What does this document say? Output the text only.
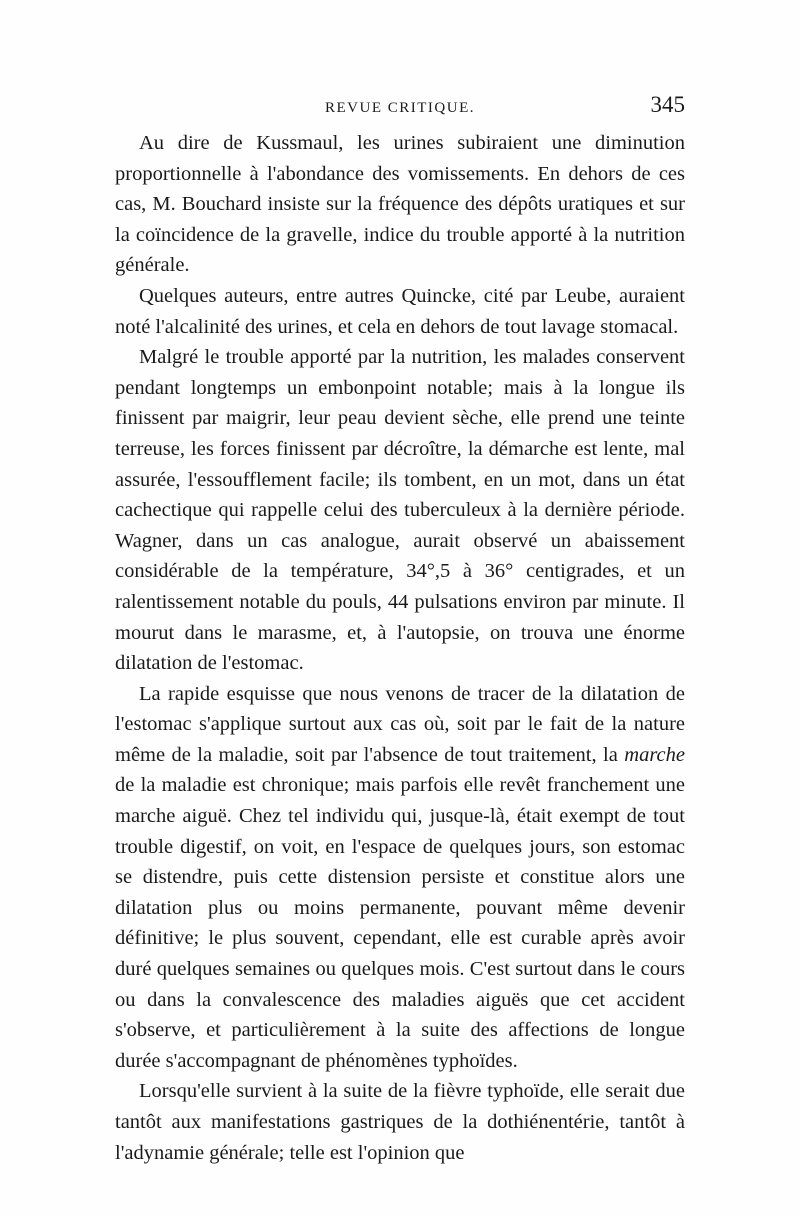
REVUE CRITIQUE.	345

Au dire de Kussmaul, les urines subiraient une diminution proportionnelle à l'abondance des vomissements. En dehors de ces cas, M. Bouchard insiste sur la fréquence des dépôts uratiques et sur la coïncidence de la gravelle, indice du trouble apporté à la nutrition générale.

Quelques auteurs, entre autres Quincke, cité par Leube, auraient noté l'alcalinité des urines, et cela en dehors de tout lavage stomacal.

Malgré le trouble apporté par la nutrition, les malades conservent pendant longtemps un embonpoint notable; mais à la longue ils finissent par maigrir, leur peau devient sèche, elle prend une teinte terreuse, les forces finissent par décroître, la démarche est lente, mal assurée, l'essoufflement facile; ils tombent, en un mot, dans un état cachectique qui rappelle celui des tuberculeux à la dernière période. Wagner, dans un cas analogue, aurait observé un abaissement considérable de la température, 34°,5 à 36° centigrades, et un ralentissement notable du pouls, 44 pulsations environ par minute. Il mourut dans le marasme, et, à l'autopsie, on trouva une énorme dilatation de l'estomac.

La rapide esquisse que nous venons de tracer de la dilatation de l'estomac s'applique surtout aux cas où, soit par le fait de la nature même de la maladie, soit par l'absence de tout traitement, la marche de la maladie est chronique; mais parfois elle revêt franchement une marche aiguë. Chez tel individu qui, jusque-là, était exempt de tout trouble digestif, on voit, en l'espace de quelques jours, son estomac se distendre, puis cette distension persiste et constitue alors une dilatation plus ou moins permanente, pouvant même devenir définitive; le plus souvent, cependant, elle est curable après avoir duré quelques semaines ou quelques mois. C'est surtout dans le cours ou dans la convalescence des maladies aiguës que cet accident s'observe, et particulièrement à la suite des affections de longue durée s'accompagnant de phénomènes typhoïdes.

Lorsqu'elle survient à la suite de la fièvre typhoïde, elle serait due tantôt aux manifestations gastriques de la dothiénentérie, tantôt à l'adynamie générale; telle est l'opinion que
